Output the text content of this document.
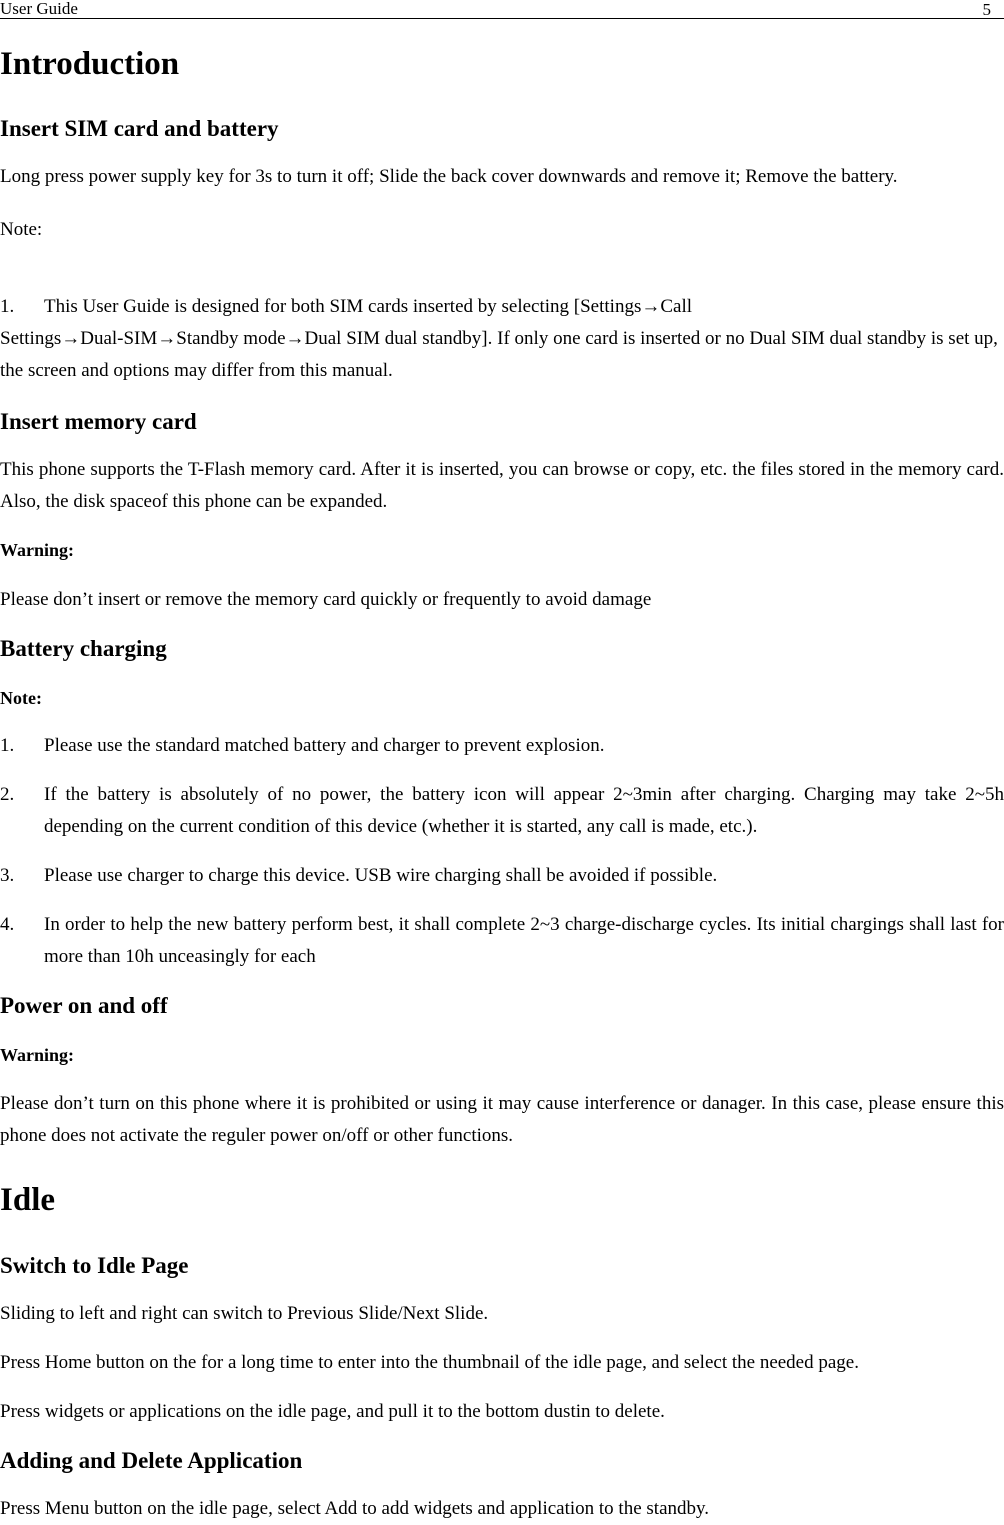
User Guide	5
Introduction
Insert SIM card and battery

Long press power supply key for 3s to turn it off; Slide the back cover downwards and remove it; Remove the battery.

Note:

1. This User Guide is designed for both SIM cards inserted by selecting [Settings→Call

Settings→Dual-SIM→Standby mode→Dual SIM dual standby]. If only one card is inserted or no Dual SIM dual standby is set up, the screen and options may differ from this manual.

Insert memory card

This phone supports the T-Flash memory card. After it is inserted, you can browse or copy, etc. the files stored in the memory card. Also, the disk spaceof this phone can be expanded.

Warning:

Please don’t insert or remove the memory card quickly or frequently to avoid damage

Battery charging
Note:
1. Please use the standard matched battery and charger to prevent explosion.
2. If the battery is absolutely of no power, the battery icon will appear 2~3min after charging. Charging may take 2~5h depending on the current condition of this device (whether it is started, any call is made, etc.).
3. Please use charger to charge this device. USB wire charging shall be avoided if possible.
4. In order to help the new battery perform best, it shall complete 2~3 charge-discharge cycles. Its initial chargings shall last for more than 10h unceasingly for each
Power on and off
Warning:

Please don’t turn on this phone where it is prohibited or using it may cause interference or danager. In this case, please ensure this phone does not activate the reguler power on/off or other functions.

Idle
Switch to Idle Page

Sliding to left and right can switch to Previous Slide/Next Slide.

Press Home button on the for a long time to enter into the thumbnail of the idle page, and select the needed page.

Press widgets or applications on the idle page, and pull it to the bottom dustin to delete.

Adding and Delete Application

Press Menu button on the idle page, select Add to add widgets and application to the standby.
